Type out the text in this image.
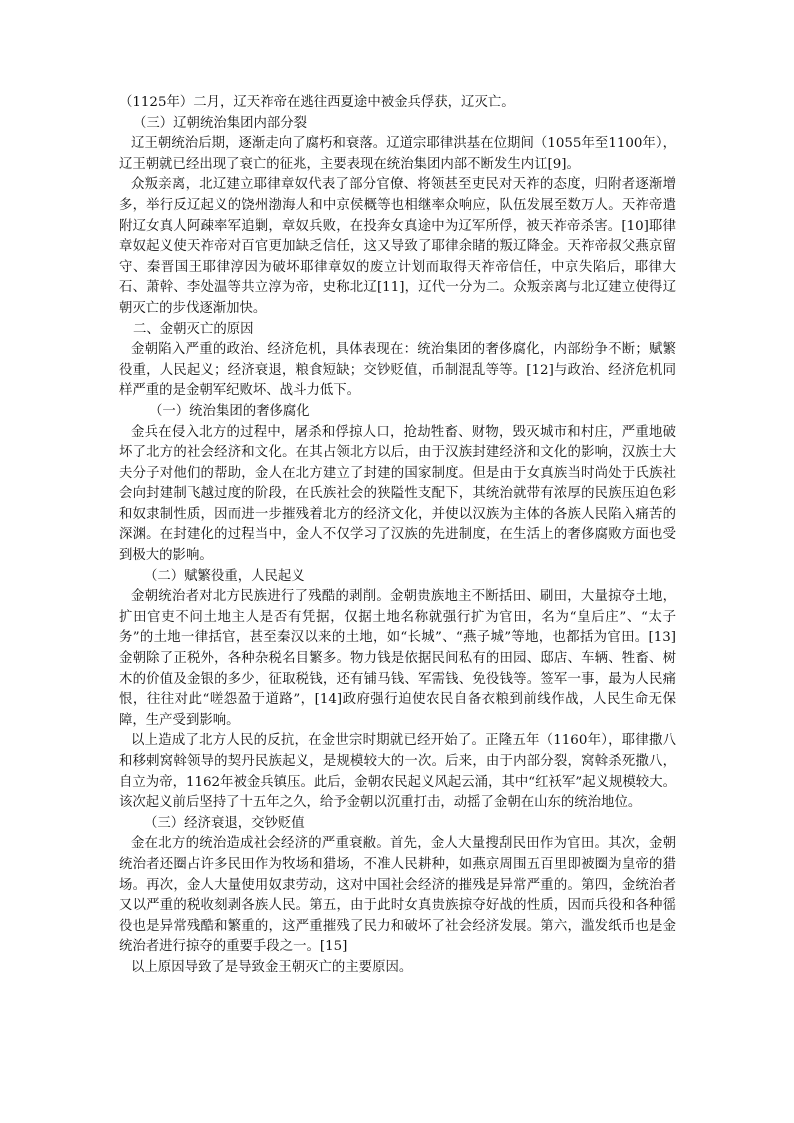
（1125年）二月，辽天祚帝在逃往西夏途中被金兵俘获，辽灭亡。

（三）辽朝统治集团内部分裂

辽王朝统治后期，逐渐走向了腐朽和衰落。辽道宗耶律洪基在位期间（1055年至1100年），辽王朝就已经出现了衰亡的征兆，主要表现在统治集团内部不断发生内讧[9]。

众叛亲离，北辽建立耶律章奴代表了部分官僚、将领甚至吏民对天祚的态度，归附者逐渐增多，举行反辽起义的饶州渤海人和中京侯概等也相继率众响应，队伍发展至数万人。天祚帝遣附辽女真人阿疎率军追剿，章奴兵败，在投奔女真途中为辽军所俘，被天祚帝杀害。[10]耶律章奴起义使天祚帝对百官更加缺乏信任，这又导致了耶律余睹的叛辽降金。天祚帝叔父燕京留守、秦晋国王耶律淳因为破坏耶律章奴的废立计划而取得天祚帝信任，中京失陷后，耶律大石、萧幹、李处温等共立淳为帝，史称北辽[11]，辽代一分为二。众叛亲离与北辽建立使得辽朝灭亡的步伐逐渐加快。

二、金朝灭亡的原因

金朝陷入严重的政治、经济危机，具体表现在：统治集团的奢侈腐化，内部纷争不断；赋繁役重，人民起义；经济衰退，粮食短缺；交钞贬值，币制混乱等等。[12]与政治、经济危机同样严重的是金朝军纪败坏、战斗力低下。

（一）统治集团的奢侈腐化

金兵在侵入北方的过程中，屠杀和俘掠人口，抢劫牲畜、财物，毁灭城市和村庄，严重地破坏了北方的社会经济和文化。在其占领北方以后，由于汉族封建经济和文化的影响，汉族士大夫分子对他们的帮助，金人在北方建立了封建的国家制度。但是由于女真族当时尚处于氏族社会向封建制飞越过度的阶段，在氏族社会的狭隘性支配下，其统治就带有浓厚的民族压迫色彩和奴隶制性质，因而进一步摧残着北方的经济文化，并使以汉族为主体的各族人民陷入痛苦的深渊。在封建化的过程当中，金人不仅学习了汉族的先进制度，在生活上的奢侈腐败方面也受到极大的影响。

（二）赋繁役重，人民起义

金朝统治者对北方民族进行了残酷的剥削。金朝贵族地主不断括田、刷田，大量掠夺土地，扩田官吏不问土地主人是否有凭据，仅据土地名称就强行扩为官田，名为“皇后庄”、“太子务”的土地一律括官，甚至秦汉以来的土地，如“长城”、“燕子城”等地，也都括为官田。[13]金朝除了正税外，各种杂税名目繁多。物力钱是依据民间私有的田园、邸店、车辆、牲畜、树木的价值及金银的多少，征取税钱，还有铺马钱、军需钱、免役钱等。签军一事，最为人民痛恨，往往对此“嗟怨盈于道路”，[14]政府强行迫使农民自备衣粮到前线作战，人民生命无保障，生产受到影响。

以上造成了北方人民的反抗，在金世宗时期就已经开始了。正隆五年（1160年），耶律撒八和移剌窝斡领导的契丹民族起义，是规模较大的一次。后来，由于内部分裂，窝斡杀死撒八，自立为帝，1162年被金兵镇压。此后，金朝农民起义风起云涌，其中“红袄军”起义规模较大。该次起义前后坚持了十五年之久，给予金朝以沉重打击，动摇了金朝在山东的统治地位。

（三）经济衰退，交钞贬值

金在北方的统治造成社会经济的严重衰敝。首先，金人大量搜刮民田作为官田。其次，金朝统治者还圈占许多民田作为牧场和猎场，不准人民耕种，如燕京周围五百里即被圈为皇帝的猎场。再次，金人大量使用奴隶劳动，这对中国社会经济的摧残是异常严重的。第四，金统治者又以严重的税收刻剥各族人民。第五，由于此时女真贵族掠夺好战的性质，因而兵役和各种徭役也是异常残酷和繁重的，这严重摧残了民力和破坏了社会经济发展。第六，滥发纸币也是金统治者进行掠夺的重要手段之一。[15]

以上原因导致了是导致金王朝灭亡的主要原因。
